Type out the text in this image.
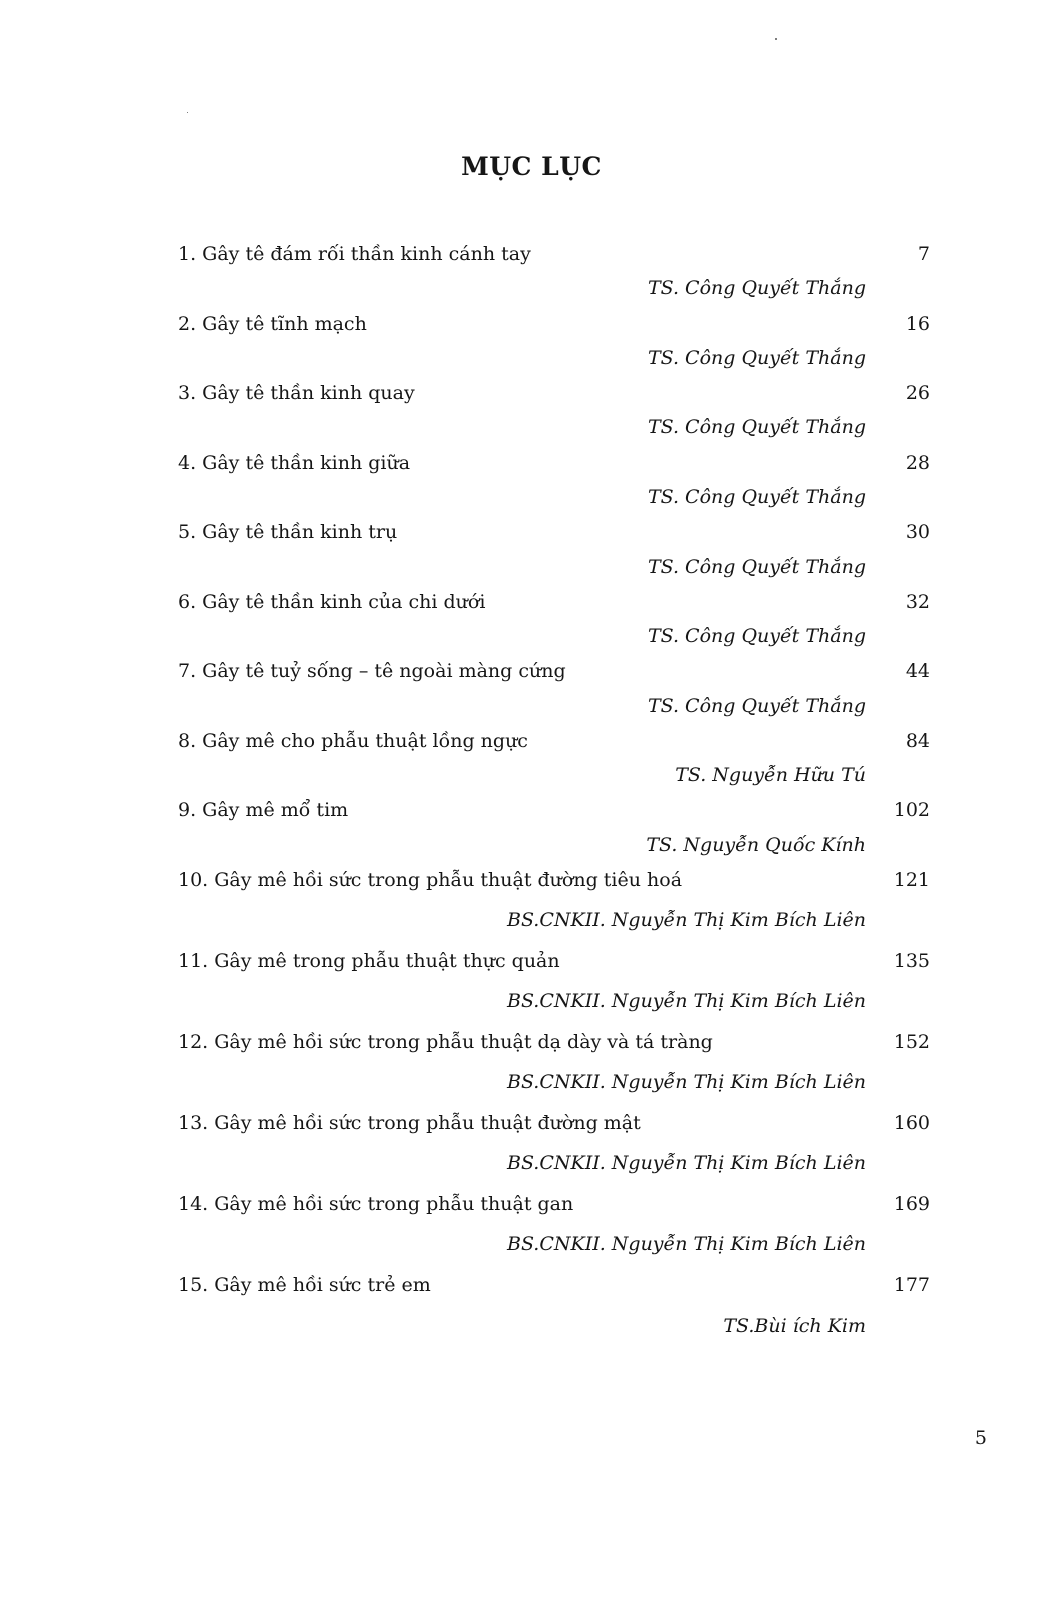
MỤC LỤC
1. Gây tê đám rối thần kinh cánh tay	7
TS. Công Quyết Thắng
2. Gây tê tĩnh mạch	16
TS. Công Quyết Thắng
3. Gây tê thần kinh quay	26
TS. Công Quyết Thắng
4. Gây tê thần kinh giữa	28
TS. Công Quyết Thắng
5. Gây tê thần kinh trụ	30
TS. Công Quyết Thắng
6. Gây tê thần kinh của chi dưới	32
TS. Công Quyết Thắng
7. Gây tê tuỷ sống – tê ngoài màng cứng	44
TS. Công Quyết Thắng
8. Gây mê cho phẫu thuật lồng ngực	84
TS. Nguyễn Hữu Tú
9. Gây mê mổ tim	102
TS. Nguyễn Quốc Kính
10. Gây mê hồi sức trong phẫu thuật đường tiêu hoá	121
BS.CNKII. Nguyễn Thị Kim Bích Liên
11. Gây mê trong phẫu thuật thực quản	135
BS.CNKII. Nguyễn Thị Kim Bích Liên
12. Gây mê hồi sức trong phẫu thuật dạ dày và tá tràng	152
BS.CNKII. Nguyễn Thị Kim Bích Liên
13. Gây mê hồi sức trong phẫu thuật đường mật	160
BS.CNKII. Nguyễn Thị Kim Bích Liên
14. Gây mê hồi sức trong phẫu thuật gan	169
BS.CNKII. Nguyễn Thị Kim Bích Liên
15. Gây mê hồi sức trẻ em	177
TS.Bùi ích Kim
5
